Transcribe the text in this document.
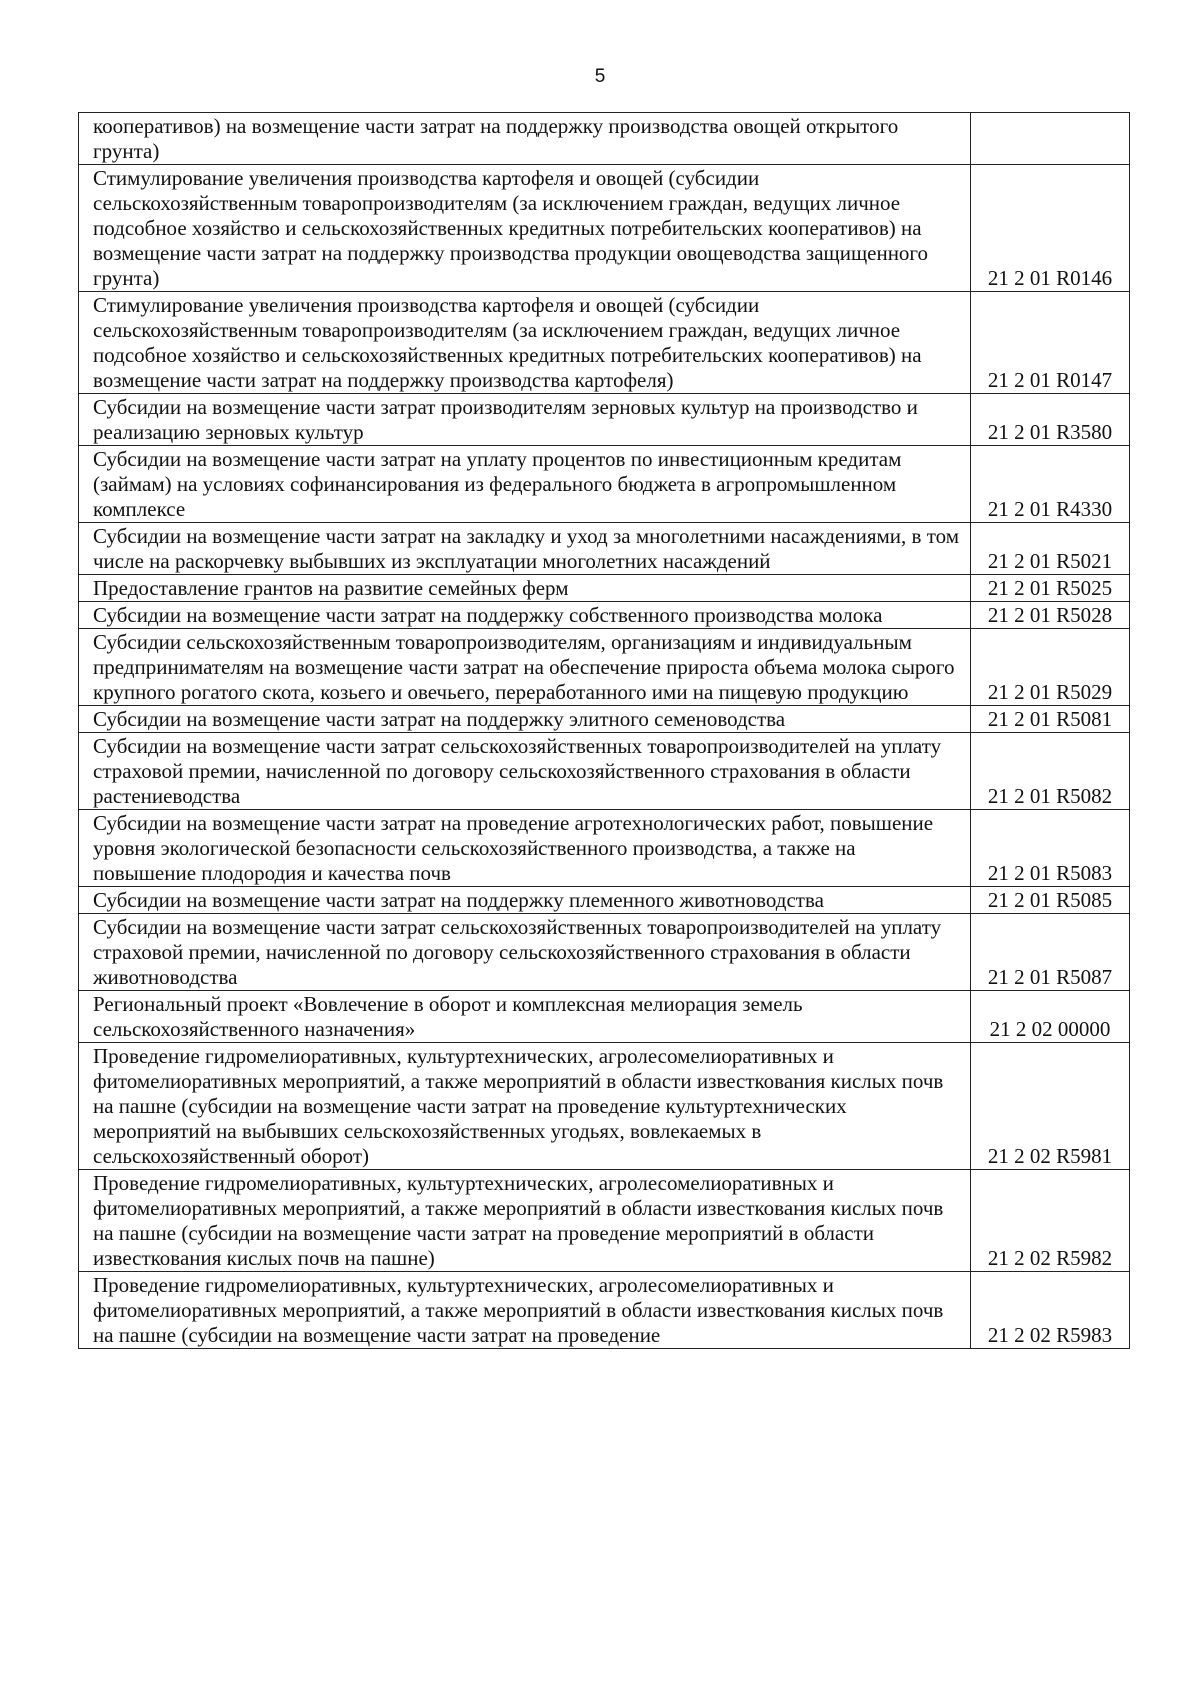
5
кооперативов) на возмещение части затрат на поддержку производства овощей открытого грунта)	
Стимулирование увеличения производства картофеля и овощей (субсидии сельскохозяйственным товаропроизводителям (за исключением граждан, ведущих личное подсобное хозяйство и сельскохозяйственных кредитных потребительских кооперативов) на возмещение части затрат на поддержку производства продукции овощеводства защищенного грунта)	21 2 01 R0146
Стимулирование увеличения производства картофеля и овощей (субсидии сельскохозяйственным товаропроизводителям (за исключением граждан, ведущих личное подсобное хозяйство и сельскохозяйственных кредитных потребительских кооперативов) на возмещение части затрат на поддержку производства картофеля)	21 2 01 R0147
Субсидии на возмещение части затрат производителям зерновых культур на производство и реализацию зерновых культур	21 2 01 R3580
Субсидии на возмещение части затрат на уплату процентов по инвестиционным кредитам (займам) на условиях софинансирования из федерального бюджета в агропромышленном комплексе	21 2 01 R4330
Субсидии на возмещение части затрат на закладку и уход за многолетними насаждениями, в том числе на раскорчевку выбывших из эксплуатации многолетних насаждений	21 2 01 R5021
Предоставление грантов на развитие семейных ферм	21 2 01 R5025
Субсидии на возмещение части затрат на поддержку собственного производства молока	21 2 01 R5028
Субсидии сельскохозяйственным товаропроизводителям, организациям и индивидуальным предпринимателям на возмещение части затрат на обеспечение прироста объема молока сырого крупного рогатого скота, козьего и овечьего, переработанного ими на пищевую продукцию	21 2 01 R5029
Субсидии на возмещение части затрат на поддержку элитного семеноводства	21 2 01 R5081
Субсидии на возмещение части затрат сельскохозяйственных товаропроизводителей на уплату страховой премии, начисленной по договору сельскохозяйственного страхования в области растениеводства	21 2 01 R5082
Субсидии на возмещение части затрат на проведение агротехнологических работ, повышение уровня экологической безопасности сельскохозяйственного производства, а также на повышение плодородия и качества почв	21 2 01 R5083
Субсидии на возмещение части затрат на поддержку племенного животноводства	21 2 01 R5085
Субсидии на возмещение части затрат сельскохозяйственных товаропроизводителей на уплату страховой премии, начисленной по договору сельскохозяйственного страхования в области животноводства	21 2 01 R5087
Региональный проект «Вовлечение в оборот и комплексная мелиорация земель сельскохозяйственного назначения»	21 2 02 00000
Проведение гидромелиоративных, культуртехнических, агролесомелиоративных и фитомелиоративных мероприятий, а также мероприятий в области известкования кислых почв на пашне (субсидии на возмещение части затрат на проведение культуртехнических мероприятий на выбывших сельскохозяйственных угодьях, вовлекаемых в сельскохозяйственный оборот)	21 2 02 R5981
Проведение гидромелиоративных, культуртехнических, агролесомелиоративных и фитомелиоративных мероприятий, а также мероприятий в области известкования кислых почв на пашне (субсидии на возмещение части затрат на проведение мероприятий в области известкования кислых почв на пашне)	21 2 02 R5982
Проведение гидромелиоративных, культуртехнических, агролесомелиоративных и фитомелиоративных мероприятий, а также мероприятий в области известкования кислых почв на пашне (субсидии на возмещение части затрат на проведение	21 2 02 R5983
